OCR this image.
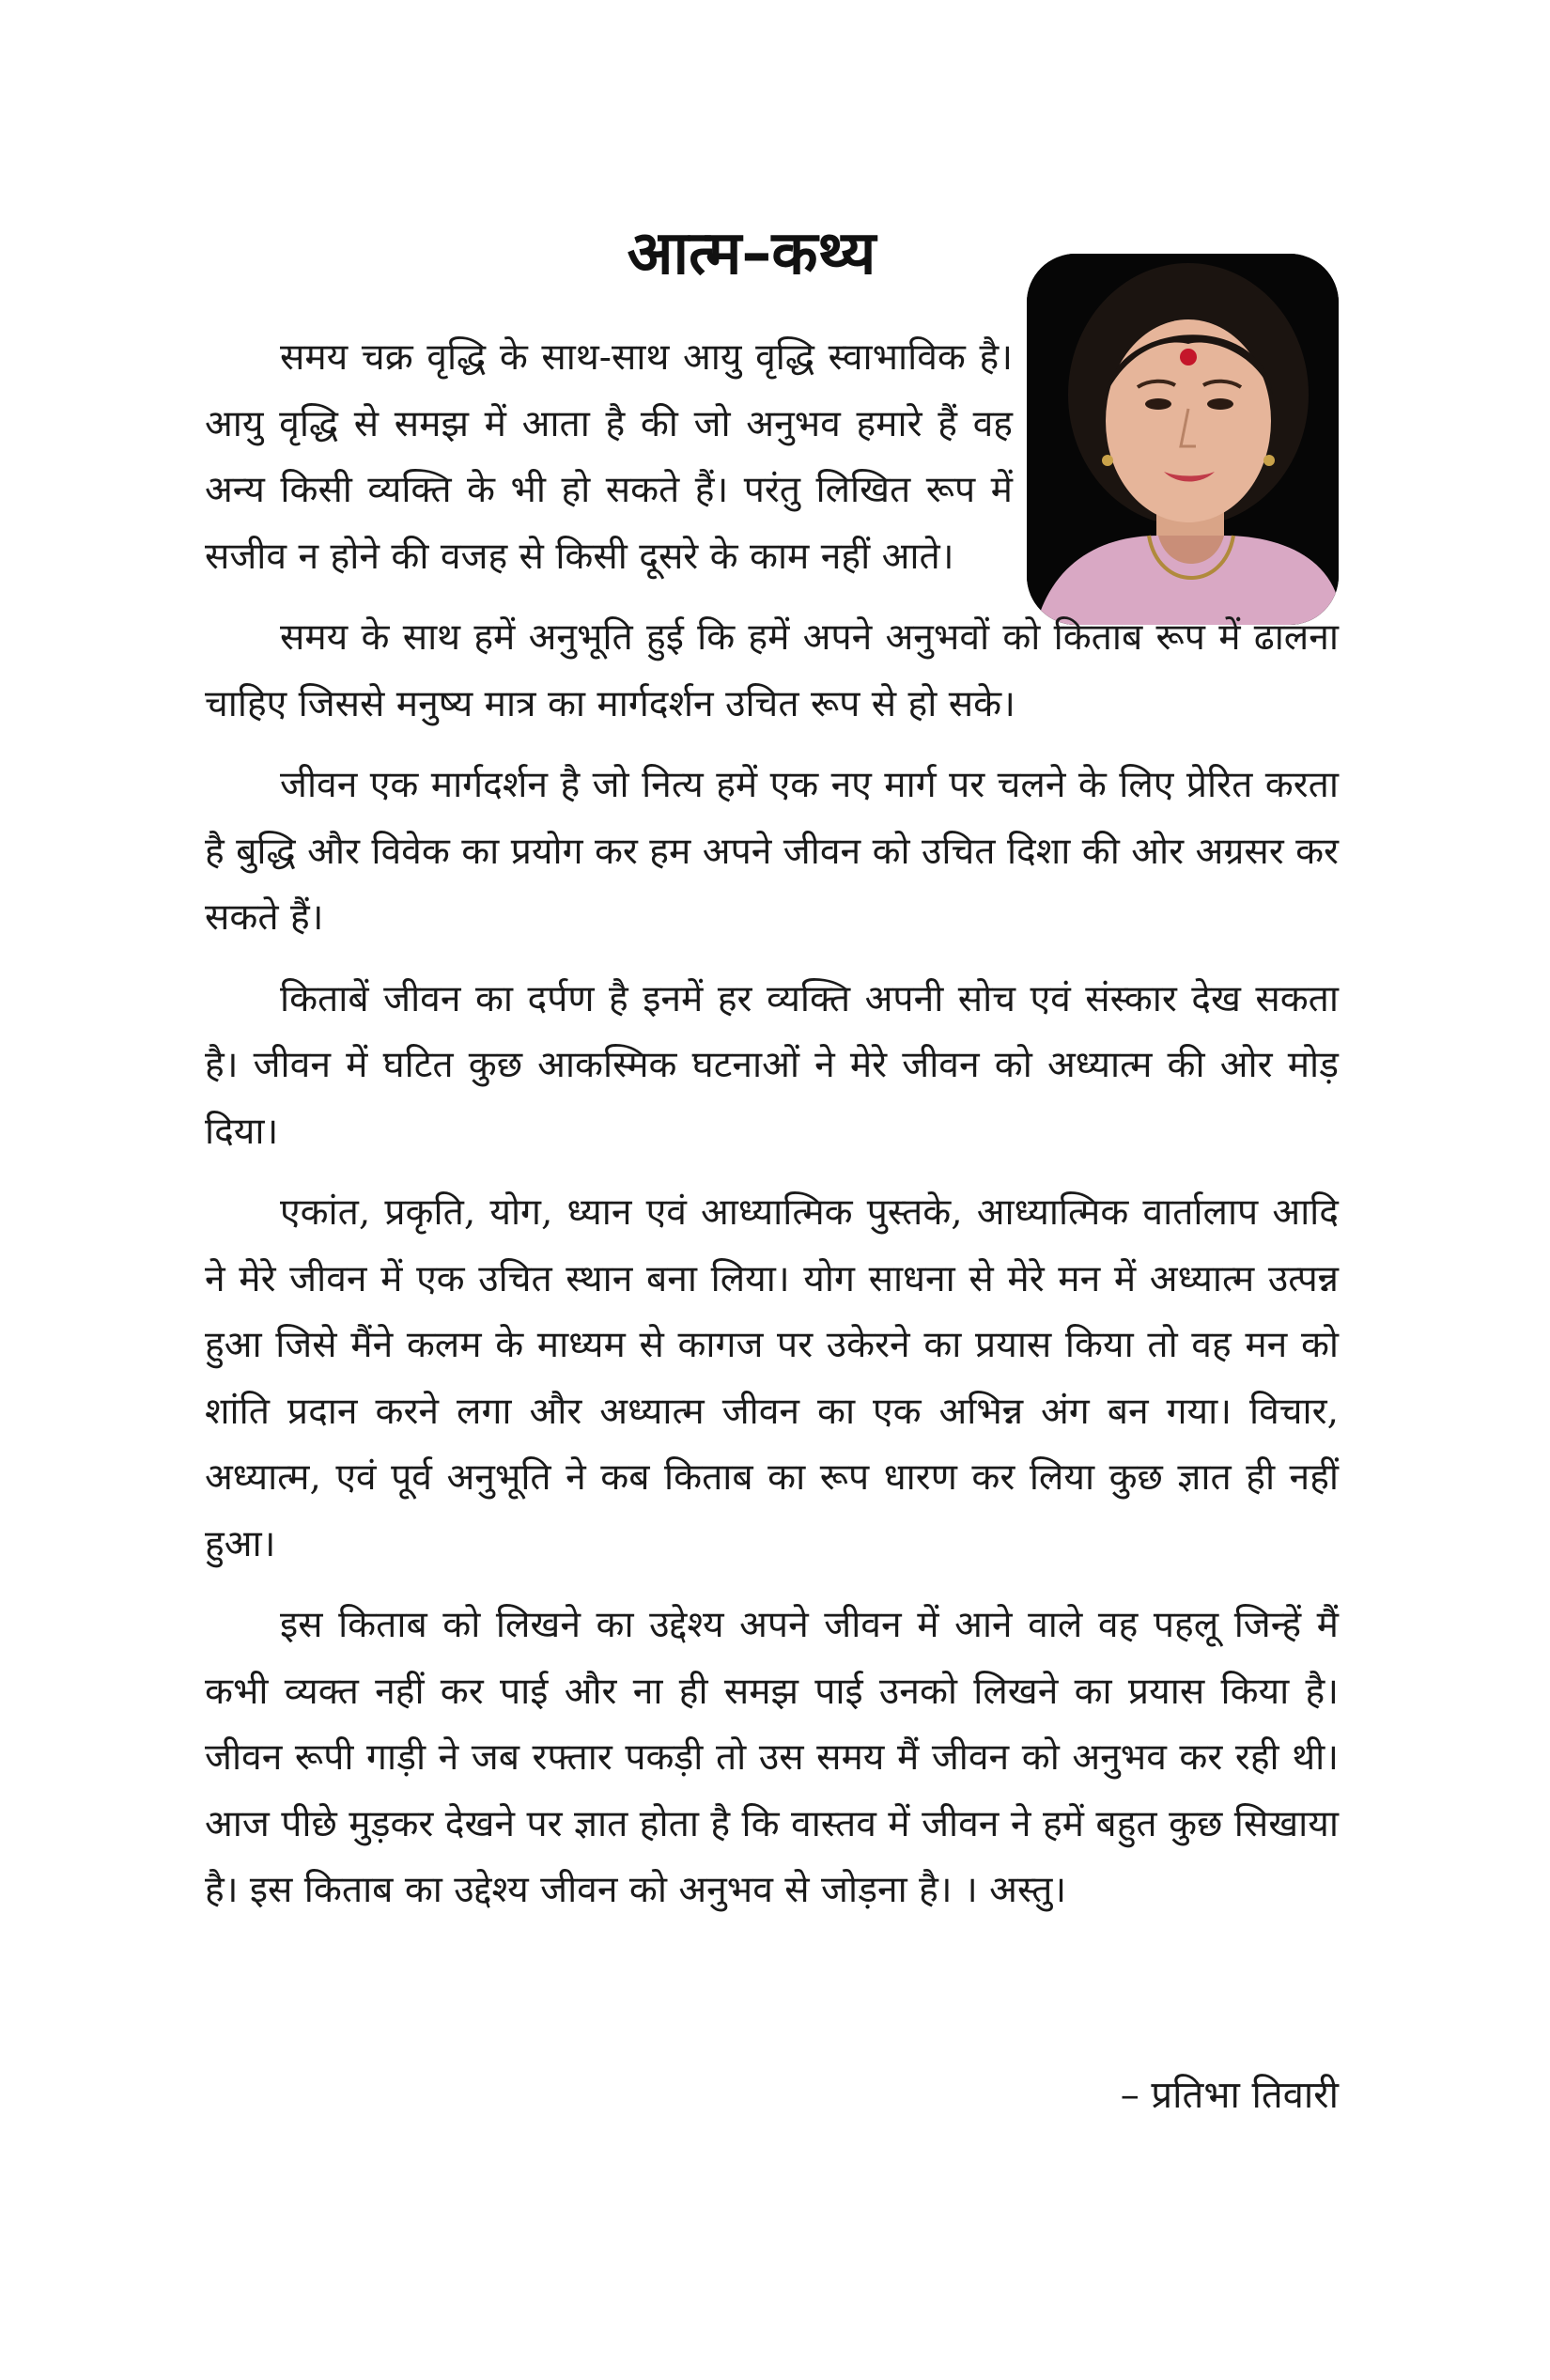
आत्म–कथ्य

समय चक्र वृद्धि के साथ-साथ आयु वृद्धि स्वाभाविक है। आयु वृद्धि से समझ में आता है की जो अनुभव हमारे हैं वह अन्य किसी व्यक्ति के भी हो सकते हैं। परंतु लिखित रूप में सजीव न होने की वजह से किसी दूसरे के काम नहीं आते।

समय के साथ हमें अनुभूति हुई कि हमें अपने अनुभवों को किताब रूप में ढालना चाहिए जिससे मनुष्य मात्र का मार्गदर्शन उचित रूप से हो सके।

जीवन एक मार्गदर्शन है जो नित्य हमें एक नए मार्ग पर चलने के लिए प्रेरित करता है बुद्धि और विवेक का प्रयोग कर हम अपने जीवन को उचित दिशा की ओर अग्रसर कर सकते हैं।

किताबें जीवन का दर्पण है इनमें हर व्यक्ति अपनी सोच एवं संस्कार देख सकता है। जीवन में घटित कुछ आकस्मिक घटनाओं ने मेरे जीवन को अध्यात्म की ओर मोड़ दिया।

एकांत, प्रकृति, योग, ध्यान एवं आध्यात्मिक पुस्तके, आध्यात्मिक वार्तालाप आदि ने मेरे जीवन में एक उचित स्थान बना लिया। योग साधना से मेरे मन में अध्यात्म उत्पन्न हुआ जिसे मैंने कलम के माध्यम से कागज पर उकेरने का प्रयास किया तो वह मन को शांति प्रदान करने लगा और अध्यात्म जीवन का एक अभिन्न अंग बन गया। विचार, अध्यात्म, एवं पूर्व अनुभूति ने कब किताब का रूप धारण कर लिया कुछ ज्ञात ही नहीं हुआ।

इस किताब को लिखने का उद्देश्य अपने जीवन में आने वाले वह पहलू जिन्हें मैं कभी व्यक्त नहीं कर पाई और ना ही समझ पाई उनको लिखने का प्रयास किया है। जीवन रूपी गाड़ी ने जब रफ्तार पकड़ी तो उस समय मैं जीवन को अनुभव कर रही थी। आज पीछे मुड़कर देखने पर ज्ञात होता है कि वास्तव में जीवन ने हमें बहुत कुछ सिखाया है। इस किताब का उद्देश्य जीवन को अनुभव से जोड़ना है। । अस्तु।

– प्रतिभा तिवारी
